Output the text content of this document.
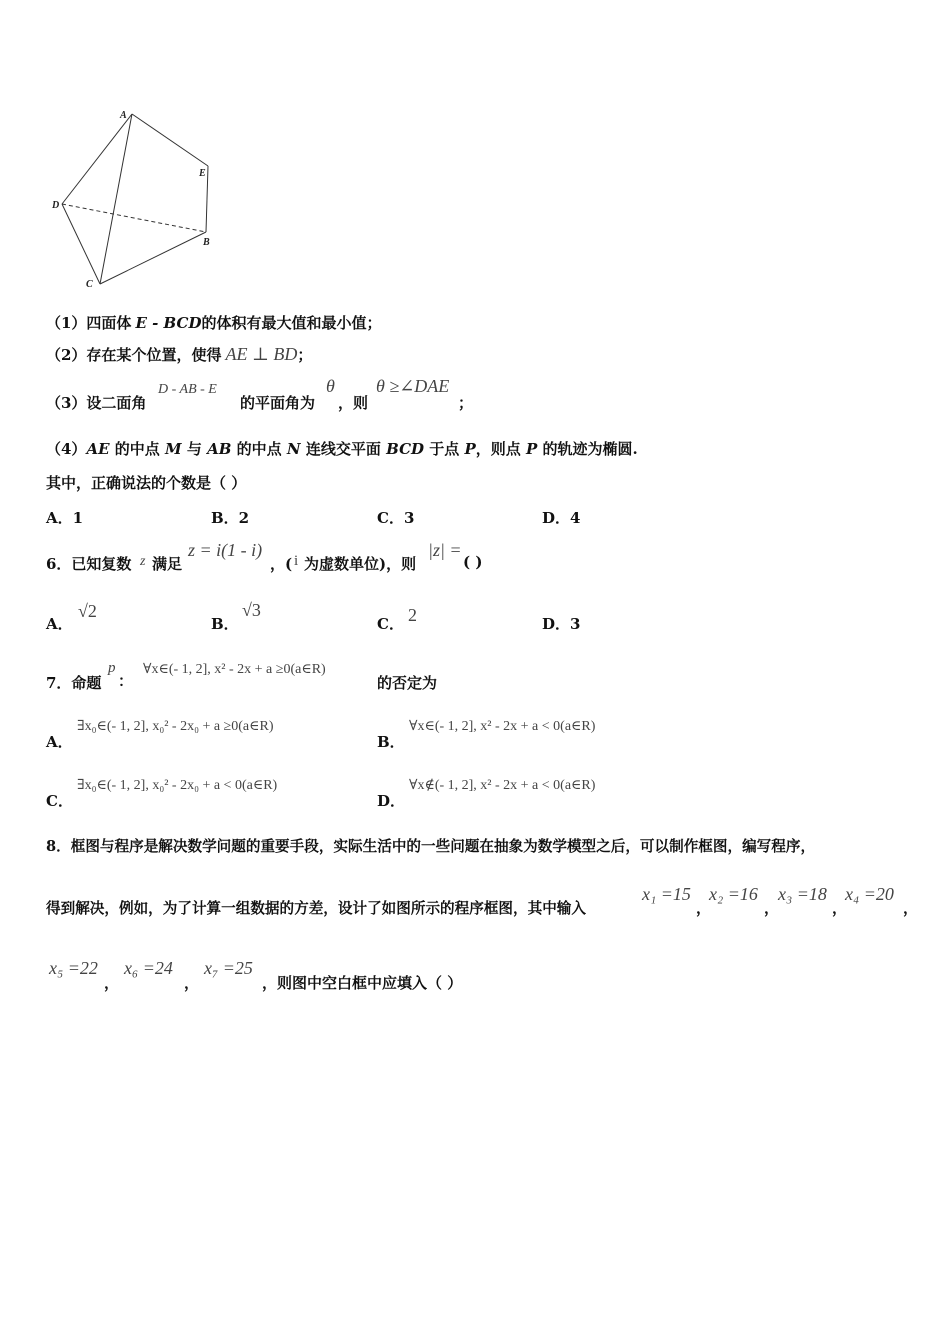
A
E
D
B
C
（1）四面体 E - BCD的体积有最大值和最小值；
（2）存在某个位置，使得 AE ⊥ BD；
（3）设二面角
D - AB - E
的平面角为
θ
，则
θ ≥∠DAE
；
（4）AE 的中点 M 与 AB 的中点 N 连线交平面 BCD 于点 P，则点 P 的轨迹为椭圆.
其中，正确说法的个数是（ ）
A．1	B．2	C．3	D．4
6．已知复数 z 满足
z = i(1 - i)
，( i 为虚数单位)，则
|z| =
( )
A．
√2
B．
√3
C． 2	D．3
7．命题
p
：
∀x∈(- 1, 2], x² - 2x + a ≥0(a∈R)
的否定为
A．
∃x₀∈(- 1, 2], x₀² - 2x₀ + a ≥0(a∈R)
B．
∀x∈(- 1, 2], x² - 2x + a < 0(a∈R)
C．
∃x₀∈(- 1, 2], x₀² - 2x₀ + a < 0(a∈R)
D．
∀x∉(- 1, 2], x² - 2x + a < 0(a∈R)
8．框图与程序是解决数学问题的重要手段，实际生活中的一些问题在抽象为数学模型之后，可以制作框图，编写程序，
得到解决，例如，为了计算一组数据的方差，设计了如图所示的程序框图，其中输入
x₁ =15
，
x₂ =16
，
x₃ =18
，
x₄ =20
，
x₅ =22
，
x₆ =24
，
x₇ =25
，则图中空白框中应填入（ ）
